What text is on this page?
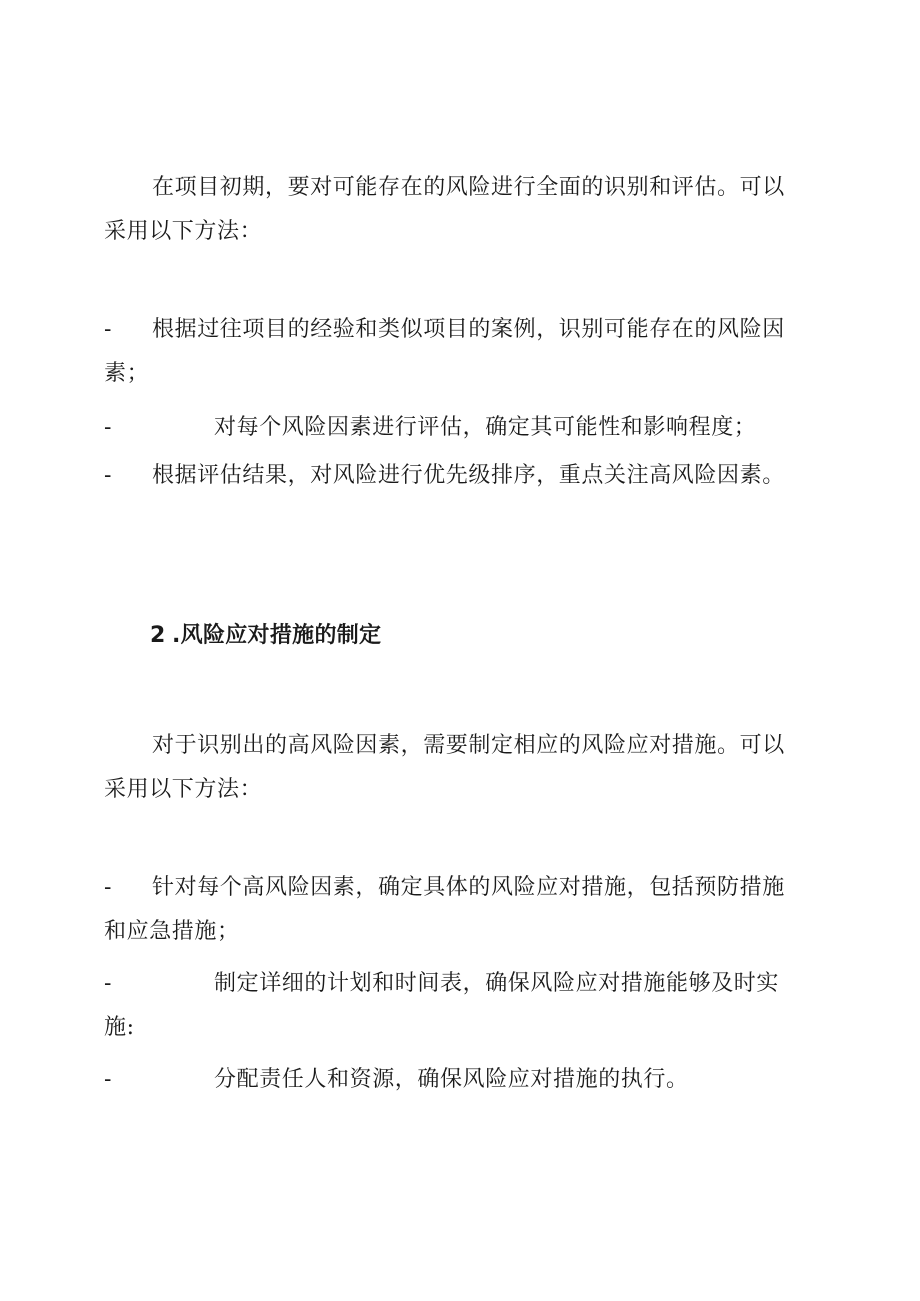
在项目初期，要对可能存在的风险进行全面的识别和评估。可以采用以下方法：

- 根据过往项目的经验和类似项目的案例，识别可能存在的风险因素；

-	对每个风险因素进行评估，确定其可能性和影响程度；

- 根据评估结果，对风险进行优先级排序，重点关注高风险因素。

2 .风险应对措施的制定

对于识别出的高风险因素，需要制定相应的风险应对措施。可以采用以下方法：

- 针对每个高风险因素，确定具体的风险应对措施，包括预防措施和应急措施；

-	制定详细的计划和时间表，确保风险应对措施能够及时实施:

-	分配责任人和资源，确保风险应对措施的执行。
